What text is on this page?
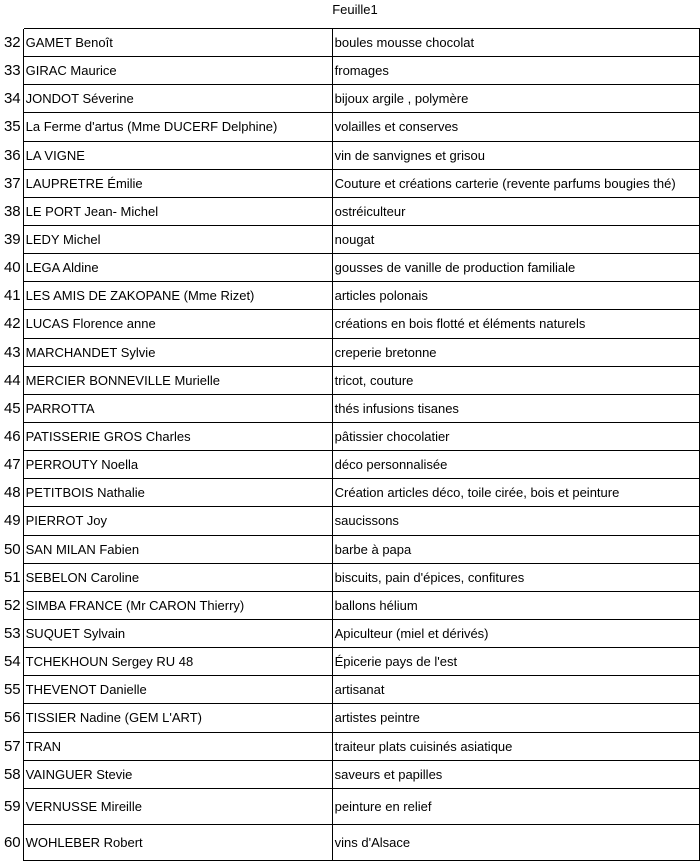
Feuille1
32	GAMET Benoît	boules mousse chocolat
33	GIRAC Maurice	fromages
34	JONDOT Séverine	bijoux argile , polymère
35	La Ferme d'artus (Mme DUCERF Delphine)	volailles et conserves
36	LA VIGNE	vin de sanvignes et grisou
37	LAUPRETRE Émilie	Couture et créations carterie (revente parfums bougies thé)
38	LE PORT Jean- Michel	ostréiculteur
39	LEDY Michel	nougat
40	LEGA Aldine	gousses de vanille de production familiale
41	LES AMIS DE ZAKOPANE (Mme Rizet)	articles polonais
42	LUCAS Florence anne	créations en bois flotté et éléments naturels
43	MARCHANDET Sylvie	creperie bretonne
44	MERCIER BONNEVILLE Murielle	tricot, couture
45	PARROTTA	thés infusions tisanes
46	PATISSERIE GROS Charles	pâtissier chocolatier
47	PERROUTY Noella	déco personnalisée
48	PETITBOIS Nathalie	Création articles déco, toile cirée, bois et peinture
49	PIERROT Joy	saucissons
50	SAN MILAN Fabien	barbe à papa
51	SEBELON Caroline	biscuits, pain d'épices, confitures
52	SIMBA FRANCE (Mr CARON Thierry)	ballons hélium
53	SUQUET Sylvain	Apiculteur (miel et dérivés)
54	TCHEKHOUN Sergey RU 48	Épicerie pays de l'est
55	THEVENOT Danielle	artisanat
56	TISSIER Nadine (GEM L'ART)	artistes peintre
57	TRAN	traiteur plats cuisinés asiatique
58	VAINGUER Stevie	saveurs et papilles
59	VERNUSSE Mireille	peinture en relief
60	WOHLEBER Robert	vins d'Alsace
